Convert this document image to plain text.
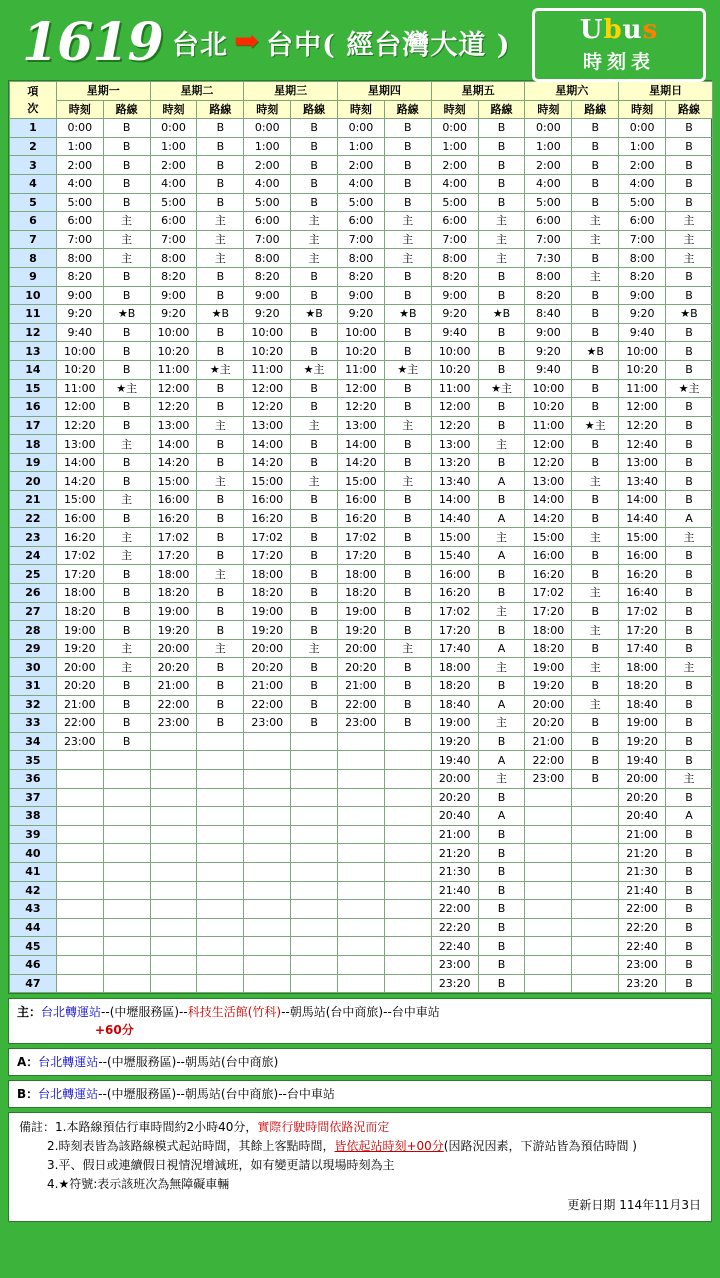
1619 台北 ➡ 台中( 經台灣大道 )	Ubus
時刻表
項
次	星期一		星期二		星期三		星期四		星期五		星期六		星期日	
	時刻	路線	時刻	路線	時刻	路線	時刻	路線	時刻	路線	時刻	路線	時刻	路線
1	0:00	B	0:00	B	0:00	B	0:00	B	0:00	B	0:00	B	0:00	B
2	1:00	B	1:00	B	1:00	B	1:00	B	1:00	B	1:00	B	1:00	B
3	2:00	B	2:00	B	2:00	B	2:00	B	2:00	B	2:00	B	2:00	B
4	4:00	B	4:00	B	4:00	B	4:00	B	4:00	B	4:00	B	4:00	B
5	5:00	B	5:00	B	5:00	B	5:00	B	5:00	B	5:00	B	5:00	B
6	6:00	主	6:00	主	6:00	主	6:00	主	6:00	主	6:00	主	6:00	主
7	7:00	主	7:00	主	7:00	主	7:00	主	7:00	主	7:00	主	7:00	主
8	8:00	主	8:00	主	8:00	主	8:00	主	8:00	主	7:30	B	8:00	主
9	8:20	B	8:20	B	8:20	B	8:20	B	8:20	B	8:00	主	8:20	B
10	9:00	B	9:00	B	9:00	B	9:00	B	9:00	B	8:20	B	9:00	B
11	9:20	★B	9:20	★B	9:20	★B	9:20	★B	9:20	★B	8:40	B	9:20	★B
12	9:40	B	10:00	B	10:00	B	10:00	B	9:40	B	9:00	B	9:40	B
13	10:00	B	10:20	B	10:20	B	10:20	B	10:00	B	9:20	★B	10:00	B
14	10:20	B	11:00	★主	11:00	★主	11:00	★主	10:20	B	9:40	B	10:20	B
15	11:00	★主	12:00	B	12:00	B	12:00	B	11:00	★主	10:00	B	11:00	★主
16	12:00	B	12:20	B	12:20	B	12:20	B	12:00	B	10:20	B	12:00	B
17	12:20	B	13:00	主	13:00	主	13:00	主	12:20	B	11:00	★主	12:20	B
18	13:00	主	14:00	B	14:00	B	14:00	B	13:00	主	12:00	B	12:40	B
19	14:00	B	14:20	B	14:20	B	14:20	B	13:20	B	12:20	B	13:00	B
20	14:20	B	15:00	主	15:00	主	15:00	主	13:40	A	13:00	主	13:40	B
21	15:00	主	16:00	B	16:00	B	16:00	B	14:00	B	14:00	B	14:00	B
22	16:00	B	16:20	B	16:20	B	16:20	B	14:40	A	14:20	B	14:40	A
23	16:20	主	17:02	B	17:02	B	17:02	B	15:00	主	15:00	主	15:00	主
24	17:02	主	17:20	B	17:20	B	17:20	B	15:40	A	16:00	B	16:00	B
25	17:20	B	18:00	主	18:00	B	18:00	B	16:00	B	16:20	B	16:20	B
26	18:00	B	18:20	B	18:20	B	18:20	B	16:20	B	17:02	主	16:40	B
27	18:20	B	19:00	B	19:00	B	19:00	B	17:02	主	17:20	B	17:02	B
28	19:00	B	19:20	B	19:20	B	19:20	B	17:20	B	18:00	主	17:20	B
29	19:20	主	20:00	主	20:00	主	20:00	主	17:40	A	18:20	B	17:40	B
30	20:00	主	20:20	B	20:20	B	20:20	B	18:00	主	19:00	主	18:00	主
31	20:20	B	21:00	B	21:00	B	21:00	B	18:20	B	19:20	B	18:20	B
32	21:00	B	22:00	B	22:00	B	22:00	B	18:40	A	20:00	主	18:40	B
33	22:00	B	23:00	B	23:00	B	23:00	B	19:00	主	20:20	B	19:00	B
34	23:00	B							19:20	B	21:00	B	19:20	B
35									19:40	A	22:00	B	19:40	B
36									20:00	主	23:00	B	20:00	主
37									20:20	B			20:20	B
38									20:40	A			20:40	A
39									21:00	B			21:00	B
40									21:20	B			21:20	B
41									21:30	B			21:30	B
42									21:40	B			21:40	B
43									22:00	B			22:00	B
44									22:20	B			22:20	B
45									22:40	B			22:40	B
46									23:00	B			23:00	B
47									23:20	B			23:20	B
主：台北轉運站--(中壢服務區)--科技生活館(竹科)--朝馬站(台中商旅)--台中車站
+60分
A：台北轉運站--(中壢服務區)--朝馬站(台中商旅)
B：台北轉運站--(中壢服務區)--朝馬站(台中商旅)--台中車站
備註：1.本路線預估行車時間約2小時40分，實際行駛時間依路況而定
2.時刻表皆為該路線模式起站時間，其餘上客點時間，皆依起站時刻+00分(因路況因素，下游站皆為預估時間 )
3.平、假日或連續假日視情況增減班，如有變更請以現場時刻為主
4.★符號:表示該班次為無障礙車輛
更新日期 114年11月3日
